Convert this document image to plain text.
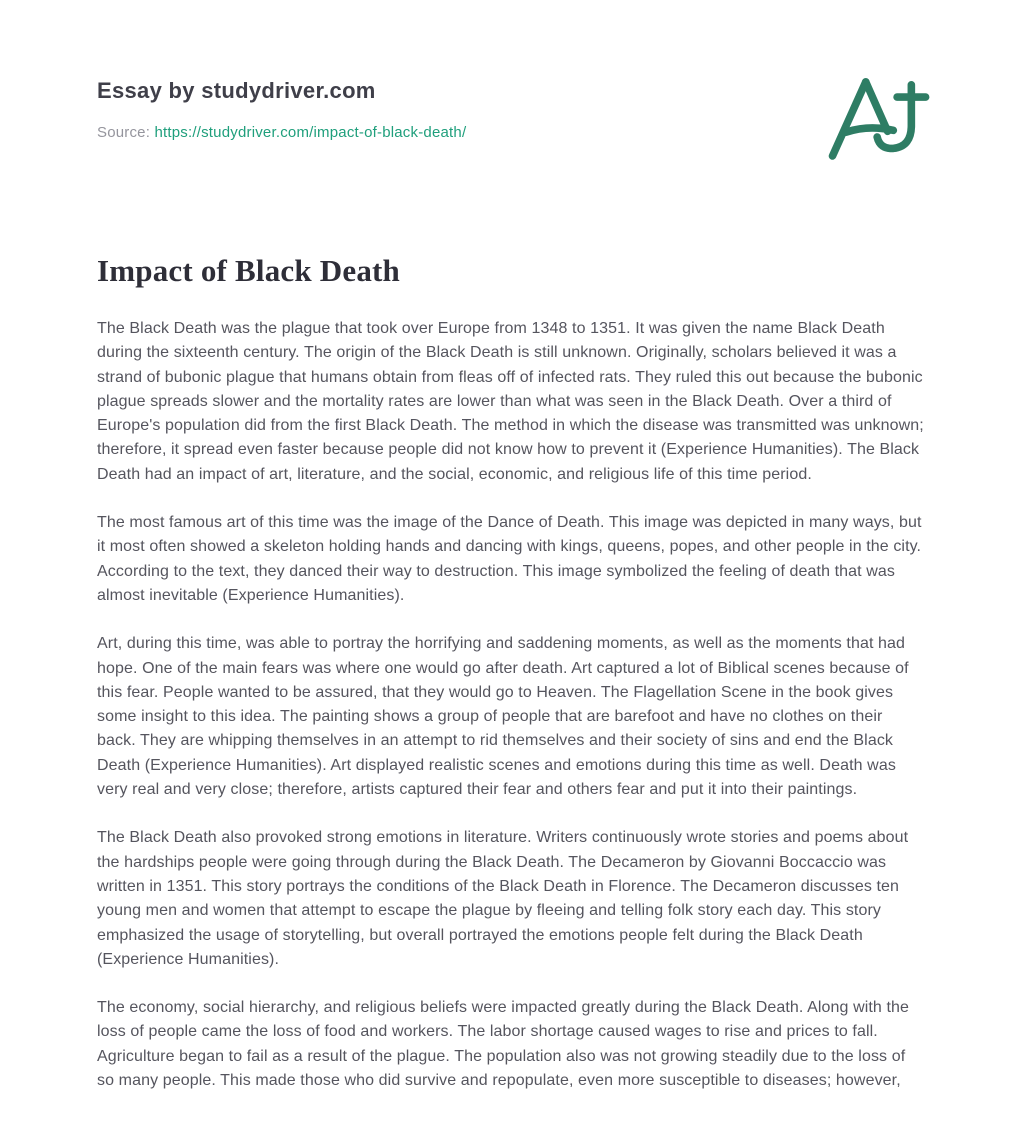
Essay by studydriver.com
Source: https://studydriver.com/impact-of-black-death/
Impact of Black Death

The Black Death was the plague that took over Europe from 1348 to 1351. It was given the name Black Death during the sixteenth century. The origin of the Black Death is still unknown. Originally, scholars believed it was a strand of bubonic plague that humans obtain from fleas off of infected rats. They ruled this out because the bubonic plague spreads slower and the mortality rates are lower than what was seen in the Black Death. Over a third of Europe's population did from the first Black Death. The method in which the disease was transmitted was unknown; therefore, it spread even faster because people did not know how to prevent it (Experience Humanities). The Black Death had an impact of art, literature, and the social, economic, and religious life of this time period.

The most famous art of this time was the image of the Dance of Death. This image was depicted in many ways, but it most often showed a skeleton holding hands and dancing with kings, queens, popes, and other people in the city. According to the text, they danced their way to destruction. This image symbolized the feeling of death that was almost inevitable (Experience Humanities).

Art, during this time, was able to portray the horrifying and saddening moments, as well as the moments that had hope. One of the main fears was where one would go after death. Art captured a lot of Biblical scenes because of this fear. People wanted to be assured, that they would go to Heaven. The Flagellation Scene in the book gives some insight to this idea. The painting shows a group of people that are barefoot and have no clothes on their back. They are whipping themselves in an attempt to rid themselves and their society of sins and end the Black Death (Experience Humanities). Art displayed realistic scenes and emotions during this time as well. Death was very real and very close; therefore, artists captured their fear and others fear and put it into their paintings.

The Black Death also provoked strong emotions in literature. Writers continuously wrote stories and poems about the hardships people were going through during the Black Death. The Decameron by Giovanni Boccaccio was written in 1351. This story portrays the conditions of the Black Death in Florence. The Decameron discusses ten young men and women that attempt to escape the plague by fleeing and telling folk story each day. This story emphasized the usage of storytelling, but overall portrayed the emotions people felt during the Black Death (Experience Humanities).

The economy, social hierarchy, and religious beliefs were impacted greatly during the Black Death. Along with the loss of people came the loss of food and workers. The labor shortage caused wages to rise and prices to fall. Agriculture began to fail as a result of the plague. The population also was not growing steadily due to the loss of so many people. This made those who did survive and repopulate, even more susceptible to diseases; however,
